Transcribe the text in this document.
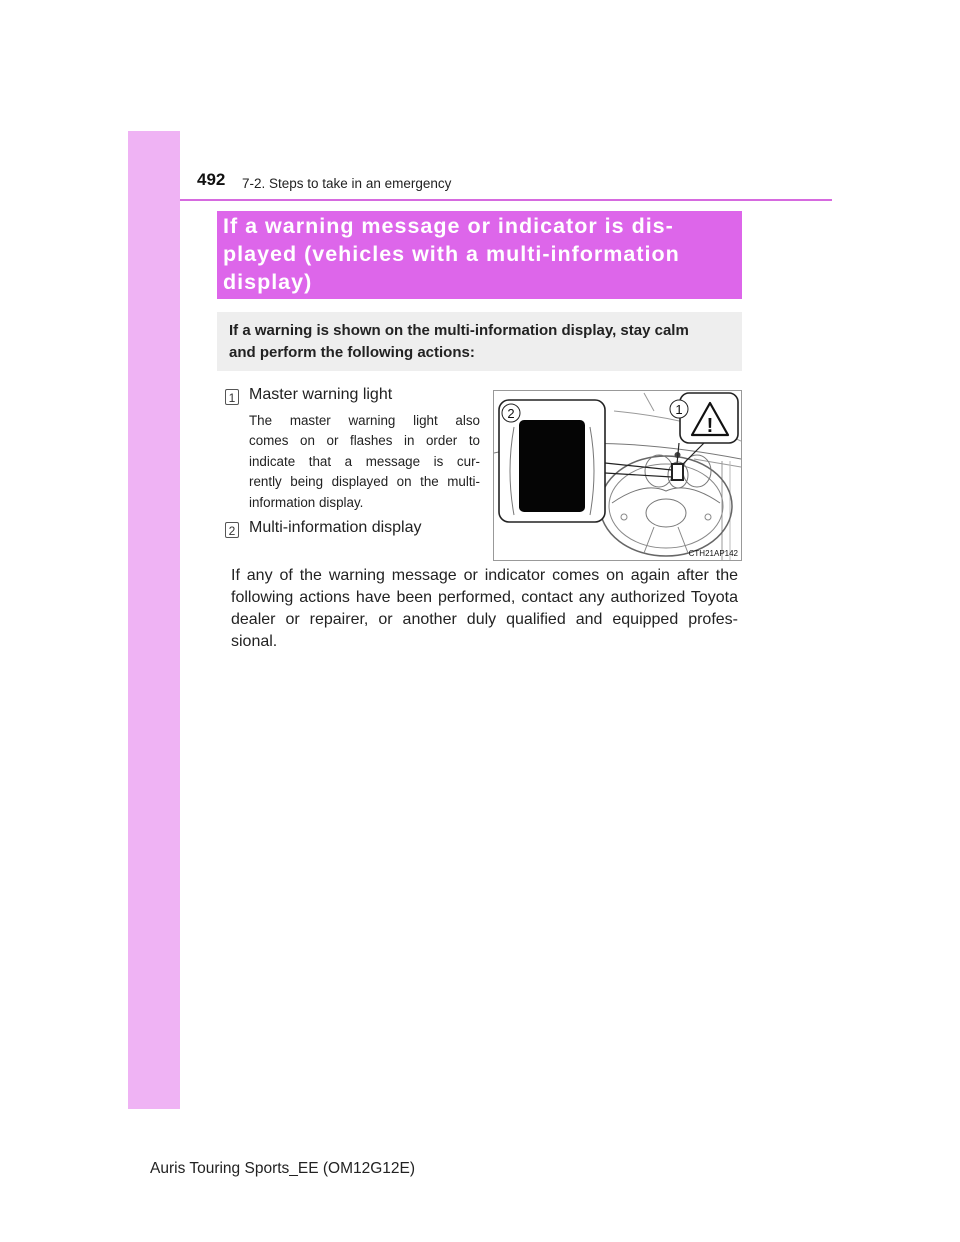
492 7-2. Steps to take in an emergency
If a warning message or indicator is dis-
played (vehicles with a multi-information
display)
If a warning is shown on the multi-information display, stay calm
and perform the following actions:
1 Master warning light
The master warning light also
comes on or flashes in order to
indicate that a message is cur-
rently being displayed on the multi-
information display.
2 Multi-information display
!
2	1
CTH21AP142
If any of the warning message or indicator comes on again after the
following actions have been performed, contact any authorized Toyota
dealer or repairer, or another duly qualified and equipped profes-
sional.
Auris Touring Sports_EE (OM12G12E)
